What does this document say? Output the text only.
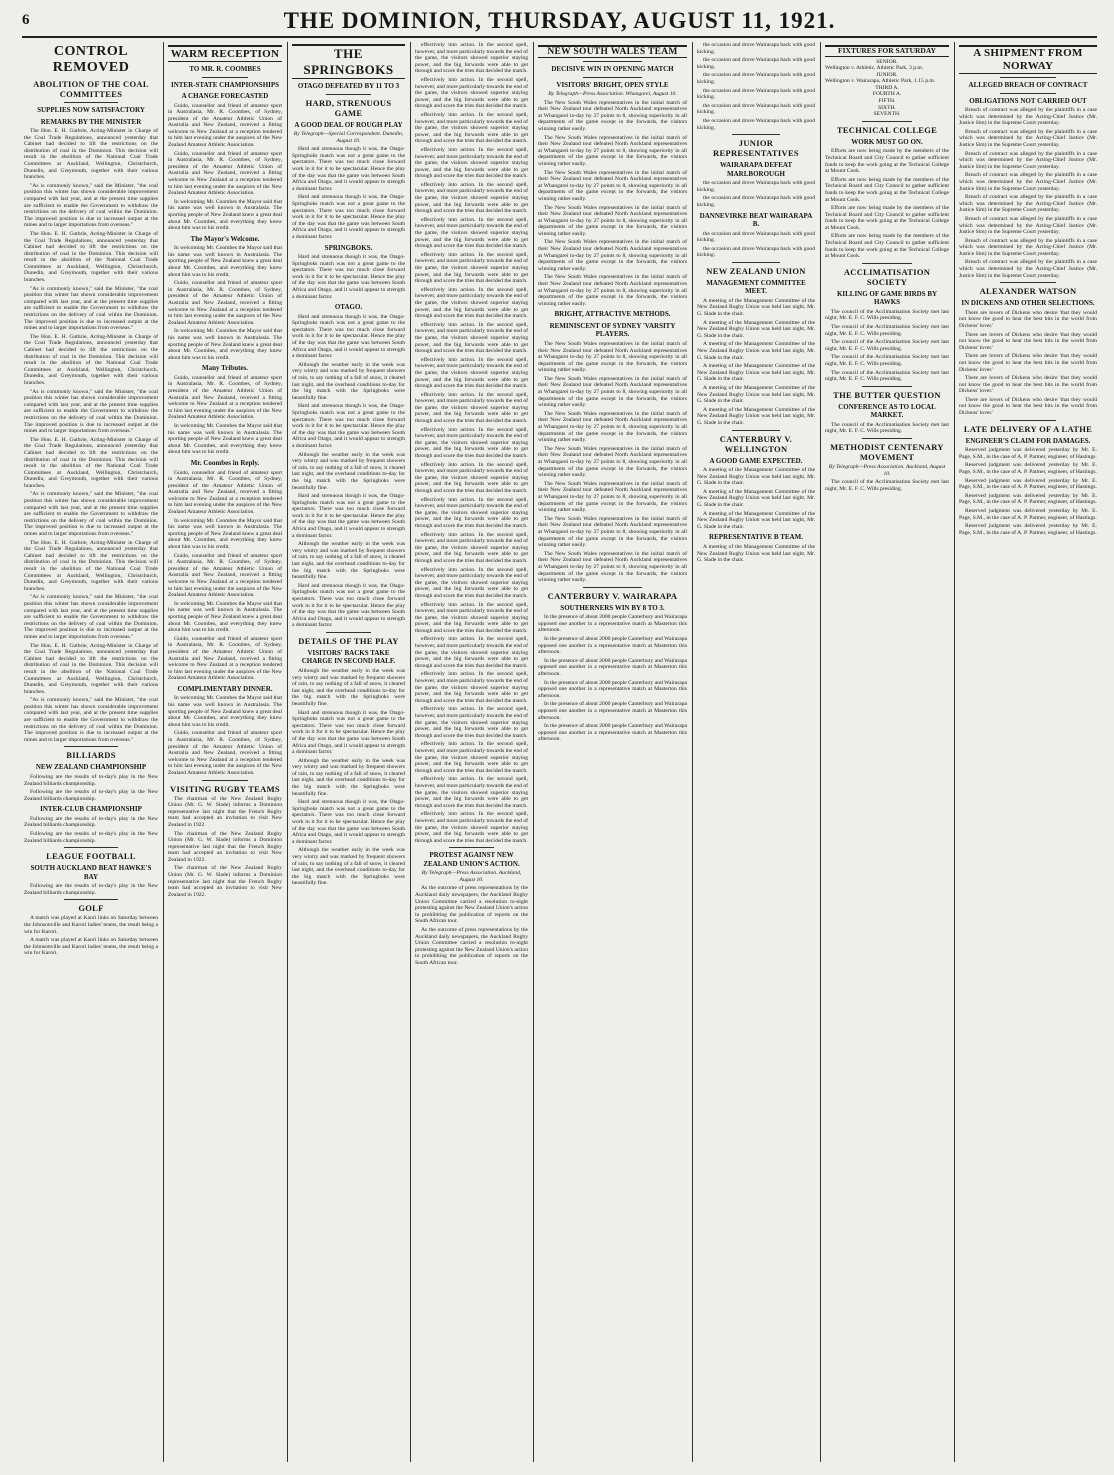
6	THE DOMINION, THURSDAY, AUGUST 11, 1921.
CONTROL REMOVED
ABOLITION OF THE COAL COMMITTEES
SUPPLIES NOW SATISFACTORY
REMARKS BY THE MINISTER

The Hon. E. H. Guthrie, Acting-Minister in Charge of the Coal Trade Regulations, announced yesterday that Cabinet had decided to lift the restrictions on the distribution of coal in the Dominion. This decision will result in the abolition of the National Coal Trade Committees at Auckland, Wellington, Christchurch, Dunedin, and Greymouth, together with their various branches.

"As is commonly known," said the Minister, "the coal position this winter has shown considerable improvement compared with last year, and at the present time supplies are sufficient to enable the Government to withdraw the restrictions on the delivery of coal within the Dominion. The improved position is due to increased output at the mines and to larger importations from overseas."

The Hon. E. H. Guthrie, Acting-Minister in Charge of the Coal Trade Regulations, announced yesterday that Cabinet had decided to lift the restrictions on the distribution of coal in the Dominion. This decision will result in the abolition of the National Coal Trade Committees at Auckland, Wellington, Christchurch, Dunedin, and Greymouth, together with their various branches.

"As is commonly known," said the Minister, "the coal position this winter has shown considerable improvement compared with last year, and at the present time supplies are sufficient to enable the Government to withdraw the restrictions on the delivery of coal within the Dominion. The improved position is due to increased output at the mines and to larger importations from overseas."

The Hon. E. H. Guthrie, Acting-Minister in Charge of the Coal Trade Regulations, announced yesterday that Cabinet had decided to lift the restrictions on the distribution of coal in the Dominion. This decision will result in the abolition of the National Coal Trade Committees at Auckland, Wellington, Christchurch, Dunedin, and Greymouth, together with their various branches.

"As is commonly known," said the Minister, "the coal position this winter has shown considerable improvement compared with last year, and at the present time supplies are sufficient to enable the Government to withdraw the restrictions on the delivery of coal within the Dominion. The improved position is due to increased output at the mines and to larger importations from overseas."

The Hon. E. H. Guthrie, Acting-Minister in Charge of the Coal Trade Regulations, announced yesterday that Cabinet had decided to lift the restrictions on the distribution of coal in the Dominion. This decision will result in the abolition of the National Coal Trade Committees at Auckland, Wellington, Christchurch, Dunedin, and Greymouth, together with their various branches.

"As is commonly known," said the Minister, "the coal position this winter has shown considerable improvement compared with last year, and at the present time supplies are sufficient to enable the Government to withdraw the restrictions on the delivery of coal within the Dominion. The improved position is due to increased output at the mines and to larger importations from overseas."

The Hon. E. H. Guthrie, Acting-Minister in Charge of the Coal Trade Regulations, announced yesterday that Cabinet had decided to lift the restrictions on the distribution of coal in the Dominion. This decision will result in the abolition of the National Coal Trade Committees at Auckland, Wellington, Christchurch, Dunedin, and Greymouth, together with their various branches.

"As is commonly known," said the Minister, "the coal position this winter has shown considerable improvement compared with last year, and at the present time supplies are sufficient to enable the Government to withdraw the restrictions on the delivery of coal within the Dominion. The improved position is due to increased output at the mines and to larger importations from overseas."

The Hon. E. H. Guthrie, Acting-Minister in Charge of the Coal Trade Regulations, announced yesterday that Cabinet had decided to lift the restrictions on the distribution of coal in the Dominion. This decision will result in the abolition of the National Coal Trade Committees at Auckland, Wellington, Christchurch, Dunedin, and Greymouth, together with their various branches.

"As is commonly known," said the Minister, "the coal position this winter has shown considerable improvement compared with last year, and at the present time supplies are sufficient to enable the Government to withdraw the restrictions on the delivery of coal within the Dominion. The improved position is due to increased output at the mines and to larger importations from overseas."

BILLIARDS
NEW ZEALAND CHAMPIONSHIP

Following are the results of to-day's play in the New Zealand billiards championship.

Following are the results of to-day's play in the New Zealand billiards championship.

INTER-CLUB CHAMPIONSHIP

Following are the results of to-day's play in the New Zealand billiards championship.

Following are the results of to-day's play in the New Zealand billiards championship.

LEAGUE FOOTBALL
SOUTH AUCKLAND BEAT HAWKE'S BAY

Following are the results of to-day's play in the New Zealand billiards championship.

GOLF

A match was played at Kaori links on Saturday between the Johnsonville and Karori ladies' teams, the result being a win for Karori.

A match was played at Kaori links on Saturday between the Johnsonville and Karori ladies' teams, the result being a win for Karori.

WARM RECEPTION
TO MR. R. COOMBES
INTER-STATE CHAMPIONSHIPS
A CHANGE FORECASTED

Guido, counsellor and friend of amateur sport in Australasia, Mr. R. Coombes, of Sydney, president of the Amateur Athletic Union of Australia and New Zealand, received a fitting welcome to New Zealand at a reception tendered to him last evening under the auspices of the New Zealand Amateur Athletic Association.

Guido, counsellor and friend of amateur sport in Australasia, Mr. R. Coombes, of Sydney, president of the Amateur Athletic Union of Australia and New Zealand, received a fitting welcome to New Zealand at a reception tendered to him last evening under the auspices of the New Zealand Amateur Athletic Association.

In welcoming Mr. Coombes the Mayor said that his name was well known in Australasia. The sporting people of New Zealand knew a great deal about Mr. Coombes, and everything they knew about him was to his credit.

The Mayor's Welcome.

In welcoming Mr. Coombes the Mayor said that his name was well known in Australasia. The sporting people of New Zealand knew a great deal about Mr. Coombes, and everything they knew about him was to his credit.

Guido, counsellor and friend of amateur sport in Australasia, Mr. R. Coombes, of Sydney, president of the Amateur Athletic Union of Australia and New Zealand, received a fitting welcome to New Zealand at a reception tendered to him last evening under the auspices of the New Zealand Amateur Athletic Association.

In welcoming Mr. Coombes the Mayor said that his name was well known in Australasia. The sporting people of New Zealand knew a great deal about Mr. Coombes, and everything they knew about him was to his credit.

Many Tributes.

Guido, counsellor and friend of amateur sport in Australasia, Mr. R. Coombes, of Sydney, president of the Amateur Athletic Union of Australia and New Zealand, received a fitting welcome to New Zealand at a reception tendered to him last evening under the auspices of the New Zealand Amateur Athletic Association.

In welcoming Mr. Coombes the Mayor said that his name was well known in Australasia. The sporting people of New Zealand knew a great deal about Mr. Coombes, and everything they knew about him was to his credit.

Mr. Coombes in Reply.

Guido, counsellor and friend of amateur sport in Australasia, Mr. R. Coombes, of Sydney, president of the Amateur Athletic Union of Australia and New Zealand, received a fitting welcome to New Zealand at a reception tendered to him last evening under the auspices of the New Zealand Amateur Athletic Association.

In welcoming Mr. Coombes the Mayor said that his name was well known in Australasia. The sporting people of New Zealand knew a great deal about Mr. Coombes, and everything they knew about him was to his credit.

Guido, counsellor and friend of amateur sport in Australasia, Mr. R. Coombes, of Sydney, president of the Amateur Athletic Union of Australia and New Zealand, received a fitting welcome to New Zealand at a reception tendered to him last evening under the auspices of the New Zealand Amateur Athletic Association.

In welcoming Mr. Coombes the Mayor said that his name was well known in Australasia. The sporting people of New Zealand knew a great deal about Mr. Coombes, and everything they knew about him was to his credit.

Guido, counsellor and friend of amateur sport in Australasia, Mr. R. Coombes, of Sydney, president of the Amateur Athletic Union of Australia and New Zealand, received a fitting welcome to New Zealand at a reception tendered to him last evening under the auspices of the New Zealand Amateur Athletic Association.

COMPLIMENTARY DINNER.

In welcoming Mr. Coombes the Mayor said that his name was well known in Australasia. The sporting people of New Zealand knew a great deal about Mr. Coombes, and everything they knew about him was to his credit.

Guido, counsellor and friend of amateur sport in Australasia, Mr. R. Coombes, of Sydney, president of the Amateur Athletic Union of Australia and New Zealand, received a fitting welcome to New Zealand at a reception tendered to him last evening under the auspices of the New Zealand Amateur Athletic Association.

VISITING RUGBY TEAMS

The chairman of the New Zealand Rugby Union (Mr. G. W. Slade) informs a Dominion representative last night that the French Rugby team had accepted an invitation to visit New Zealand in 1922.

The chairman of the New Zealand Rugby Union (Mr. G. W. Slade) informs a Dominion representative last night that the French Rugby team had accepted an invitation to visit New Zealand in 1922.

The chairman of the New Zealand Rugby Union (Mr. G. W. Slade) informs a Dominion representative last night that the French Rugby team had accepted an invitation to visit New Zealand in 1922.

THE SPRINGBOKS
OTAGO DEFEATED BY 11 TO 3
HARD, STRENUOUS GAME
A GOOD DEAL OF ROUGH PLAY
By Telegraph—Special Correspondent. Dunedin, August 10.

Hard and strenuous though it was, the Otago-Springboks match was not a great game to the spectators. There was too much close forward work in it for it to be spectacular. Hence the play of the day was that the game was between South Africa and Otago, and it would appear to strength a dominant factor.

Hard and strenuous though it was, the Otago-Springboks match was not a great game to the spectators. There was too much close forward work in it for it to be spectacular. Hence the play of the day was that the game was between South Africa and Otago, and it would appear to strength a dominant factor.

SPRINGBOKS.

Hard and strenuous though it was, the Otago-Springboks match was not a great game to the spectators. There was too much close forward work in it for it to be spectacular. Hence the play of the day was that the game was between South Africa and Otago, and it would appear to strength a dominant factor.

OTAGO.

Hard and strenuous though it was, the Otago-Springboks match was not a great game to the spectators. There was too much close forward work in it for it to be spectacular. Hence the play of the day was that the game was between South Africa and Otago, and it would appear to strength a dominant factor.

Although the weather early in the week was very wintry and was marked by frequent showers of rain, to say nothing of a fall of snow, it cleared last night, and the overhead conditions to-day for the big match with the Springboks were beautifully fine.

Hard and strenuous though it was, the Otago-Springboks match was not a great game to the spectators. There was too much close forward work in it for it to be spectacular. Hence the play of the day was that the game was between South Africa and Otago, and it would appear to strength a dominant factor.

Although the weather early in the week was very wintry and was marked by frequent showers of rain, to say nothing of a fall of snow, it cleared last night, and the overhead conditions to-day for the big match with the Springboks were beautifully fine.

Hard and strenuous though it was, the Otago-Springboks match was not a great game to the spectators. There was too much close forward work in it for it to be spectacular. Hence the play of the day was that the game was between South Africa and Otago, and it would appear to strength a dominant factor.

Although the weather early in the week was very wintry and was marked by frequent showers of rain, to say nothing of a fall of snow, it cleared last night, and the overhead conditions to-day for the big match with the Springboks were beautifully fine.

Hard and strenuous though it was, the Otago-Springboks match was not a great game to the spectators. There was too much close forward work in it for it to be spectacular. Hence the play of the day was that the game was between South Africa and Otago, and it would appear to strength a dominant factor.

DETAILS OF THE PLAY
VISITORS' BACKS TAKE CHARGE IN SECOND HALF.

Although the weather early in the week was very wintry and was marked by frequent showers of rain, to say nothing of a fall of snow, it cleared last night, and the overhead conditions to-day for the big match with the Springboks were beautifully fine.

Hard and strenuous though it was, the Otago-Springboks match was not a great game to the spectators. There was too much close forward work in it for it to be spectacular. Hence the play of the day was that the game was between South Africa and Otago, and it would appear to strength a dominant factor.

Although the weather early in the week was very wintry and was marked by frequent showers of rain, to say nothing of a fall of snow, it cleared last night, and the overhead conditions to-day for the big match with the Springboks were beautifully fine.

Hard and strenuous though it was, the Otago-Springboks match was not a great game to the spectators. There was too much close forward work in it for it to be spectacular. Hence the play of the day was that the game was between South Africa and Otago, and it would appear to strength a dominant factor.

Although the weather early in the week was very wintry and was marked by frequent showers of rain, to say nothing of a fall of snow, it cleared last night, and the overhead conditions to-day for the big match with the Springboks were beautifully fine.

effectively into action. In the second spell, however, and more particularly towards the end of the game, the visitors showed superior staying power, and the big forwards were able to get through and score the tries that decided the match.

effectively into action. In the second spell, however, and more particularly towards the end of the game, the visitors showed superior staying power, and the big forwards were able to get through and score the tries that decided the match.

effectively into action. In the second spell, however, and more particularly towards the end of the game, the visitors showed superior staying power, and the big forwards were able to get through and score the tries that decided the match.

effectively into action. In the second spell, however, and more particularly towards the end of the game, the visitors showed superior staying power, and the big forwards were able to get through and score the tries that decided the match.

effectively into action. In the second spell, however, and more particularly towards the end of the game, the visitors showed superior staying power, and the big forwards were able to get through and score the tries that decided the match.

effectively into action. In the second spell, however, and more particularly towards the end of the game, the visitors showed superior staying power, and the big forwards were able to get through and score the tries that decided the match.

effectively into action. In the second spell, however, and more particularly towards the end of the game, the visitors showed superior staying power, and the big forwards were able to get through and score the tries that decided the match.

effectively into action. In the second spell, however, and more particularly towards the end of the game, the visitors showed superior staying power, and the big forwards were able to get through and score the tries that decided the match.

effectively into action. In the second spell, however, and more particularly towards the end of the game, the visitors showed superior staying power, and the big forwards were able to get through and score the tries that decided the match.

effectively into action. In the second spell, however, and more particularly towards the end of the game, the visitors showed superior staying power, and the big forwards were able to get through and score the tries that decided the match.

effectively into action. In the second spell, however, and more particularly towards the end of the game, the visitors showed superior staying power, and the big forwards were able to get through and score the tries that decided the match.

effectively into action. In the second spell, however, and more particularly towards the end of the game, the visitors showed superior staying power, and the big forwards were able to get through and score the tries that decided the match.

effectively into action. In the second spell, however, and more particularly towards the end of the game, the visitors showed superior staying power, and the big forwards were able to get through and score the tries that decided the match.

effectively into action. In the second spell, however, and more particularly towards the end of the game, the visitors showed superior staying power, and the big forwards were able to get through and score the tries that decided the match.

effectively into action. In the second spell, however, and more particularly towards the end of the game, the visitors showed superior staying power, and the big forwards were able to get through and score the tries that decided the match.

effectively into action. In the second spell, however, and more particularly towards the end of the game, the visitors showed superior staying power, and the big forwards were able to get through and score the tries that decided the match.

effectively into action. In the second spell, however, and more particularly towards the end of the game, the visitors showed superior staying power, and the big forwards were able to get through and score the tries that decided the match.

effectively into action. In the second spell, however, and more particularly towards the end of the game, the visitors showed superior staying power, and the big forwards were able to get through and score the tries that decided the match.

effectively into action. In the second spell, however, and more particularly towards the end of the game, the visitors showed superior staying power, and the big forwards were able to get through and score the tries that decided the match.

effectively into action. In the second spell, however, and more particularly towards the end of the game, the visitors showed superior staying power, and the big forwards were able to get through and score the tries that decided the match.

effectively into action. In the second spell, however, and more particularly towards the end of the game, the visitors showed superior staying power, and the big forwards were able to get through and score the tries that decided the match.

effectively into action. In the second spell, however, and more particularly towards the end of the game, the visitors showed superior staying power, and the big forwards were able to get through and score the tries that decided the match.

effectively into action. In the second spell, however, and more particularly towards the end of the game, the visitors showed superior staying power, and the big forwards were able to get through and score the tries that decided the match.

PROTEST AGAINST NEW ZEALAND UNION'S ACTION.
By Telegraph—Press Association. Auckland, August 10.

As the outcome of press representations by the Auckland daily newspapers, the Auckland Rugby Union Committee carried a resolution to-night protesting against the New Zealand Union's action in prohibiting the publication of reports on the South African tour.

As the outcome of press representations by the Auckland daily newspapers, the Auckland Rugby Union Committee carried a resolution to-night protesting against the New Zealand Union's action in prohibiting the publication of reports on the South African tour.

NEW SOUTH WALES TEAM
DECISIVE WIN IN OPENING MATCH
VISITORS' BRIGHT, OPEN STYLE
By Telegraph—Press Association. Whangarei, August 10.

The New South Wales representatives in the initial match of their New Zealand tour defeated North Auckland representatives at Whangarei to-day by 27 points to 8, showing superiority in all departments of the game except in the forwards, the visitors winning rather easily.

The New South Wales representatives in the initial match of their New Zealand tour defeated North Auckland representatives at Whangarei to-day by 27 points to 8, showing superiority in all departments of the game except in the forwards, the visitors winning rather easily.

The New South Wales representatives in the initial match of their New Zealand tour defeated North Auckland representatives at Whangarei to-day by 27 points to 8, showing superiority in all departments of the game except in the forwards, the visitors winning rather easily.

The New South Wales representatives in the initial match of their New Zealand tour defeated North Auckland representatives at Whangarei to-day by 27 points to 8, showing superiority in all departments of the game except in the forwards, the visitors winning rather easily.

The New South Wales representatives in the initial match of their New Zealand tour defeated North Auckland representatives at Whangarei to-day by 27 points to 8, showing superiority in all departments of the game except in the forwards, the visitors winning rather easily.

The New South Wales representatives in the initial match of their New Zealand tour defeated North Auckland representatives at Whangarei to-day by 27 points to 8, showing superiority in all departments of the game except in the forwards, the visitors winning rather easily.

BRIGHT, ATTRACTIVE METHODS.
REMINISCENT OF SYDNEY 'VARSITY PLAYERS.

The New South Wales representatives in the initial match of their New Zealand tour defeated North Auckland representatives at Whangarei to-day by 27 points to 8, showing superiority in all departments of the game except in the forwards, the visitors winning rather easily.

The New South Wales representatives in the initial match of their New Zealand tour defeated North Auckland representatives at Whangarei to-day by 27 points to 8, showing superiority in all departments of the game except in the forwards, the visitors winning rather easily.

The New South Wales representatives in the initial match of their New Zealand tour defeated North Auckland representatives at Whangarei to-day by 27 points to 8, showing superiority in all departments of the game except in the forwards, the visitors winning rather easily.

The New South Wales representatives in the initial match of their New Zealand tour defeated North Auckland representatives at Whangarei to-day by 27 points to 8, showing superiority in all departments of the game except in the forwards, the visitors winning rather easily.

The New South Wales representatives in the initial match of their New Zealand tour defeated North Auckland representatives at Whangarei to-day by 27 points to 8, showing superiority in all departments of the game except in the forwards, the visitors winning rather easily.

The New South Wales representatives in the initial match of their New Zealand tour defeated North Auckland representatives at Whangarei to-day by 27 points to 8, showing superiority in all departments of the game except in the forwards, the visitors winning rather easily.

The New South Wales representatives in the initial match of their New Zealand tour defeated North Auckland representatives at Whangarei to-day by 27 points to 8, showing superiority in all departments of the game except in the forwards, the visitors winning rather easily.

CANTERBURY V. WAIRARAPA
SOUTHERNERS WIN BY 8 TO 3.

In the presence of about 2000 people Canterbury and Wairarapa opposed one another in a representative match at Masterton this afternoon.

In the presence of about 2000 people Canterbury and Wairarapa opposed one another in a representative match at Masterton this afternoon.

In the presence of about 2000 people Canterbury and Wairarapa opposed one another in a representative match at Masterton this afternoon.

In the presence of about 2000 people Canterbury and Wairarapa opposed one another in a representative match at Masterton this afternoon.

In the presence of about 2000 people Canterbury and Wairarapa opposed one another in a representative match at Masterton this afternoon.

In the presence of about 2000 people Canterbury and Wairarapa opposed one another in a representative match at Masterton this afternoon.

the occasion and drove Wairarapa back with good kicking.

the occasion and drove Wairarapa back with good kicking.

the occasion and drove Wairarapa back with good kicking.

the occasion and drove Wairarapa back with good kicking.

the occasion and drove Wairarapa back with good kicking.

the occasion and drove Wairarapa back with good kicking.

JUNIOR REPRESENTATIVES
WAIRARAPA DEFEAT MARLBOROUGH

the occasion and drove Wairarapa back with good kicking.

the occasion and drove Wairarapa back with good kicking.

DANNEVIRKE BEAT WAIRARAPA B.

the occasion and drove Wairarapa back with good kicking.

the occasion and drove Wairarapa back with good kicking.

NEW ZEALAND UNION
MANAGEMENT COMMITTEE MEET.

A meeting of the Management Committee of the New Zealand Rugby Union was held last night, Mr. G. Slade in the chair.

A meeting of the Management Committee of the New Zealand Rugby Union was held last night, Mr. G. Slade in the chair.

A meeting of the Management Committee of the New Zealand Rugby Union was held last night, Mr. G. Slade in the chair.

A meeting of the Management Committee of the New Zealand Rugby Union was held last night, Mr. G. Slade in the chair.

A meeting of the Management Committee of the New Zealand Rugby Union was held last night, Mr. G. Slade in the chair.

A meeting of the Management Committee of the New Zealand Rugby Union was held last night, Mr. G. Slade in the chair.

CANTERBURY V. WELLINGTON
A GOOD GAME EXPECTED.

A meeting of the Management Committee of the New Zealand Rugby Union was held last night, Mr. G. Slade in the chair.

A meeting of the Management Committee of the New Zealand Rugby Union was held last night, Mr. G. Slade in the chair.

A meeting of the Management Committee of the New Zealand Rugby Union was held last night, Mr. G. Slade in the chair.

REPRESENTATIVE B TEAM.

A meeting of the Management Committee of the New Zealand Rugby Union was held last night, Mr. G. Slade in the chair.

FIXTURES FOR SATURDAY
SENIOR.
Wellington v. Athletic, Athletic Park, 3 p.m.
JUNIOR.
Wellington v. Wairarapa, Athletic Park, 1.15 p.m.
THIRD A.
FOURTH A.
FIFTH.
SIXTH.
SEVENTH.
TECHNICAL COLLEGE
WORK MUST GO ON.

Efforts are now being made by the members of the Technical Board and City Council to gather sufficient funds to keep the work going at the Technical College at Mount Cook.

Efforts are now being made by the members of the Technical Board and City Council to gather sufficient funds to keep the work going at the Technical College at Mount Cook.

Efforts are now being made by the members of the Technical Board and City Council to gather sufficient funds to keep the work going at the Technical College at Mount Cook.

Efforts are now being made by the members of the Technical Board and City Council to gather sufficient funds to keep the work going at the Technical College at Mount Cook.

ACCLIMATISATION SOCIETY
KILLING OF GAME BIRDS BY HAWKS

The council of the Acclimatisation Society met last night, Mr. E. F. C. Wills presiding.

The council of the Acclimatisation Society met last night, Mr. E. F. C. Wills presiding.

The council of the Acclimatisation Society met last night, Mr. E. F. C. Wills presiding.

The council of the Acclimatisation Society met last night, Mr. E. F. C. Wills presiding.

The council of the Acclimatisation Society met last night, Mr. E. F. C. Wills presiding.

THE BUTTER QUESTION
CONFERENCE AS TO LOCAL MARKET.

The council of the Acclimatisation Society met last night, Mr. E. F. C. Wills presiding.

METHODIST CENTENARY MOVEMENT
By Telegraph—Press Association. Auckland, August 10.

The council of the Acclimatisation Society met last night, Mr. E. F. C. Wills presiding.

A SHIPMENT FROM NORWAY
ALLEGED BREACH OF CONTRACT
OBLIGATIONS NOT CARRIED OUT

Breach of contract was alleged by the plaintiffs in a case which was determined by the Acting-Chief Justice (Mr. Justice Sim) in the Supreme Court yesterday.

Breach of contract was alleged by the plaintiffs in a case which was determined by the Acting-Chief Justice (Mr. Justice Sim) in the Supreme Court yesterday.

Breach of contract was alleged by the plaintiffs in a case which was determined by the Acting-Chief Justice (Mr. Justice Sim) in the Supreme Court yesterday.

Breach of contract was alleged by the plaintiffs in a case which was determined by the Acting-Chief Justice (Mr. Justice Sim) in the Supreme Court yesterday.

Breach of contract was alleged by the plaintiffs in a case which was determined by the Acting-Chief Justice (Mr. Justice Sim) in the Supreme Court yesterday.

Breach of contract was alleged by the plaintiffs in a case which was determined by the Acting-Chief Justice (Mr. Justice Sim) in the Supreme Court yesterday.

Breach of contract was alleged by the plaintiffs in a case which was determined by the Acting-Chief Justice (Mr. Justice Sim) in the Supreme Court yesterday.

Breach of contract was alleged by the plaintiffs in a case which was determined by the Acting-Chief Justice (Mr. Justice Sim) in the Supreme Court yesterday.

ALEXANDER WATSON
IN DICKENS AND OTHER SELECTIONS.

There are lovers of Dickens who desire 'that they would not know the good to hear the best bits in the world from Dickens' lover.'

There are lovers of Dickens who desire 'that they would not know the good to hear the best bits in the world from Dickens' lover.'

There are lovers of Dickens who desire 'that they would not know the good to hear the best bits in the world from Dickens' lover.'

There are lovers of Dickens who desire 'that they would not know the good to hear the best bits in the world from Dickens' lover.'

There are lovers of Dickens who desire 'that they would not know the good to hear the best bits in the world from Dickens' lover.'

LATE DELIVERY OF A LATHE
ENGINEER'S CLAIM FOR DAMAGES.

Reserved judgment was delivered yesterday by Mr. E. Page, S.M., in the case of A. P. Parmer, engineer, of Hastings.

Reserved judgment was delivered yesterday by Mr. E. Page, S.M., in the case of A. P. Parmer, engineer, of Hastings.

Reserved judgment was delivered yesterday by Mr. E. Page, S.M., in the case of A. P. Parmer, engineer, of Hastings.

Reserved judgment was delivered yesterday by Mr. E. Page, S.M., in the case of A. P. Parmer, engineer, of Hastings.

Reserved judgment was delivered yesterday by Mr. E. Page, S.M., in the case of A. P. Parmer, engineer, of Hastings.

Reserved judgment was delivered yesterday by Mr. E. Page, S.M., in the case of A. P. Parmer, engineer, of Hastings.
